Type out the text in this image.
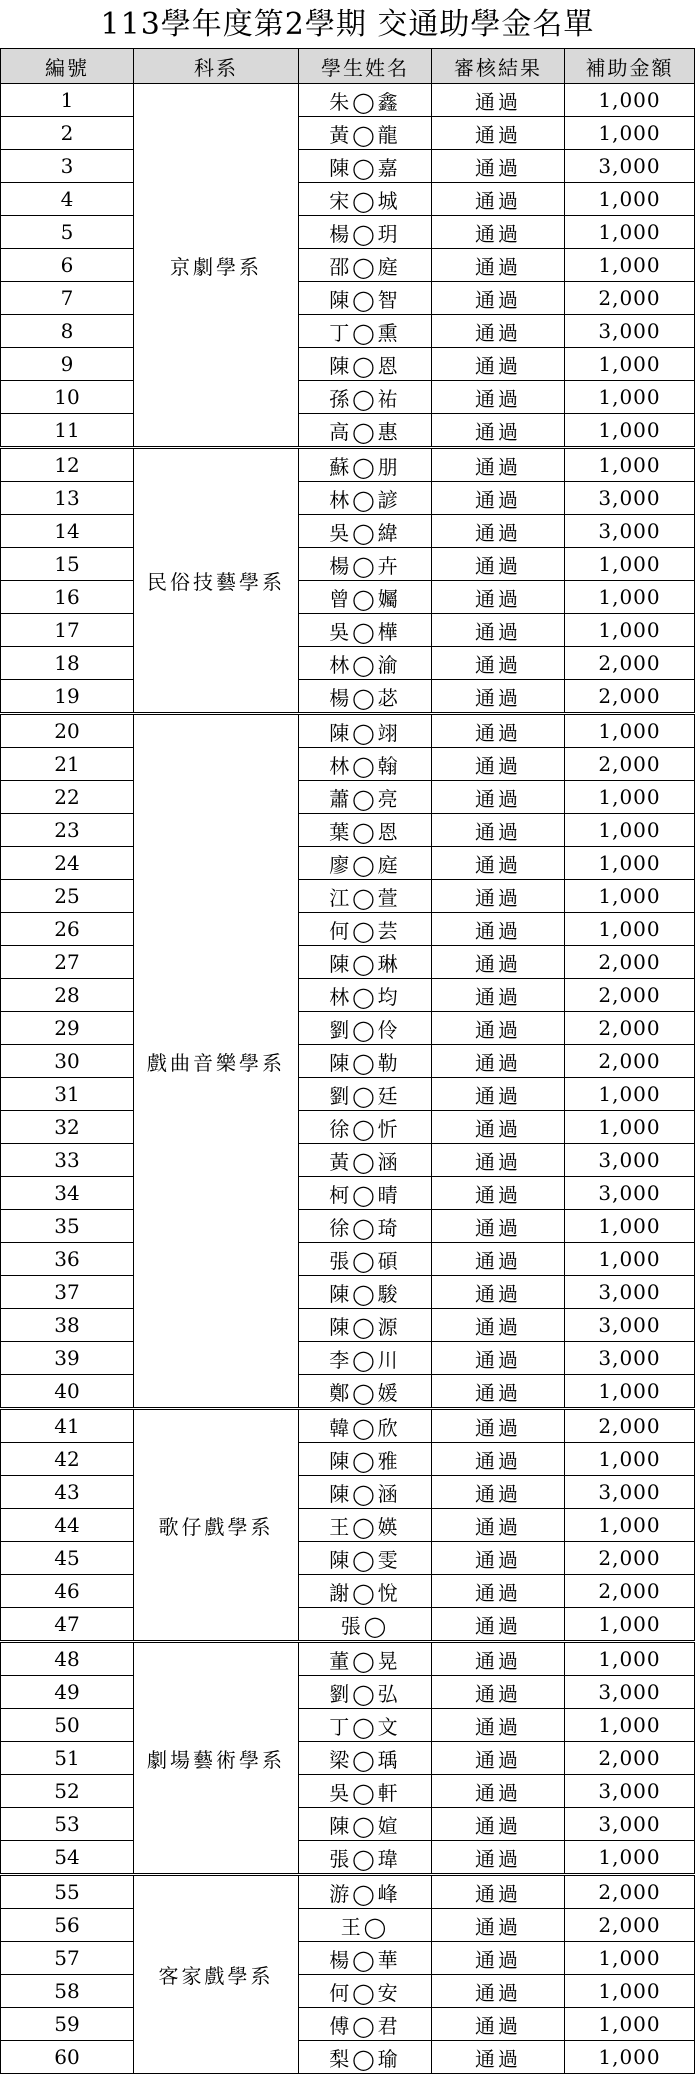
113學年度第2學期 交通助學金名單
編號	科系	學生姓名	審核結果	補助金額
1	京劇學系	朱◯鑫	通過	1,000
2		黃◯龍	通過	1,000
3		陳◯嘉	通過	3,000
4		宋◯城	通過	1,000
5		楊◯玥	通過	1,000
6		邵◯庭	通過	1,000
7		陳◯智	通過	2,000
8		丁◯熏	通過	3,000
9		陳◯恩	通過	1,000
10		孫◯祐	通過	1,000
11		高◯惠	通過	1,000
12	民俗技藝學系	蘇◯朋	通過	1,000
13		林◯諺	通過	3,000
14		吳◯緯	通過	3,000
15		楊◯卉	通過	1,000
16		曾◯孎	通過	1,000
17		吳◯樺	通過	1,000
18		林◯渝	通過	2,000
19		楊◯苾	通過	2,000
20	戲曲音樂學系	陳◯翊	通過	1,000
21		林◯翰	通過	2,000
22		蕭◯亮	通過	1,000
23		葉◯恩	通過	1,000
24		廖◯庭	通過	1,000
25		江◯萱	通過	1,000
26		何◯芸	通過	1,000
27		陳◯琳	通過	2,000
28		林◯均	通過	2,000
29		劉◯伶	通過	2,000
30		陳◯勒	通過	2,000
31		劉◯廷	通過	1,000
32		徐◯忻	通過	1,000
33		黃◯涵	通過	3,000
34		柯◯晴	通過	3,000
35		徐◯琦	通過	1,000
36		張◯碩	通過	1,000
37		陳◯駿	通過	3,000
38		陳◯源	通過	3,000
39		李◯川	通過	3,000
40		鄭◯媛	通過	1,000
41	歌仔戲學系	韓◯欣	通過	2,000
42		陳◯雅	通過	1,000
43		陳◯涵	通過	3,000
44		王◯媖	通過	1,000
45		陳◯雯	通過	2,000
46		謝◯悅	通過	2,000
47		張◯	通過	1,000
48	劇場藝術學系	董◯晃	通過	1,000
49		劉◯弘	通過	3,000
50		丁◯文	通過	1,000
51		梁◯瑀	通過	2,000
52		吳◯軒	通過	3,000
53		陳◯媗	通過	3,000
54		張◯瑋	通過	1,000
55	客家戲學系	游◯峰	通過	2,000
56		王◯	通過	2,000
57		楊◯華	通過	1,000
58		何◯安	通過	1,000
59		傅◯君	通過	1,000
60		梨◯瑜	通過	1,000
